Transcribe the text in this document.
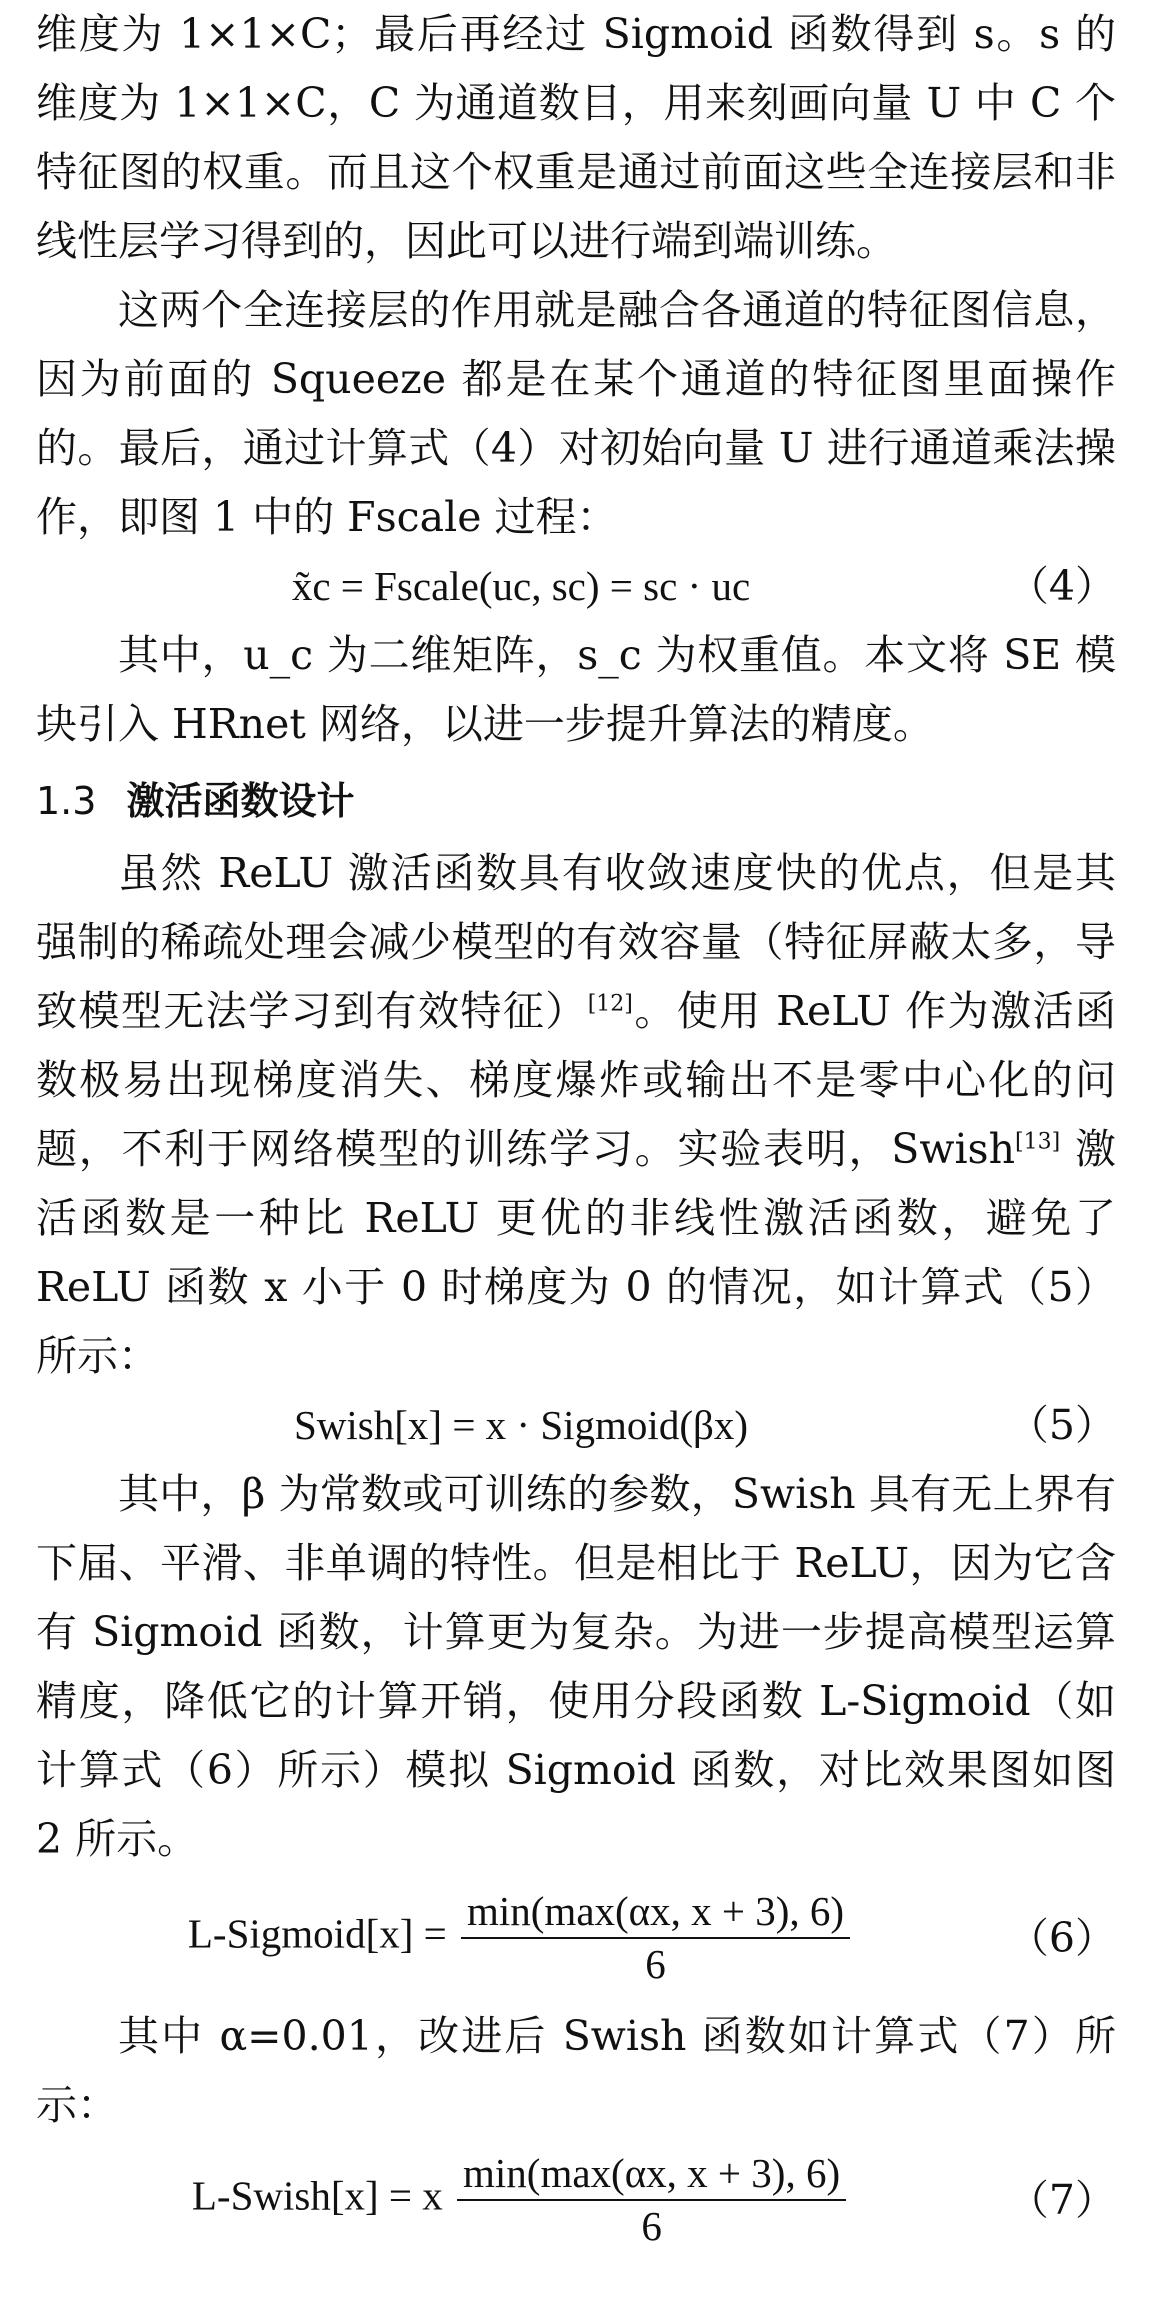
维度为 1×1×C；最后再经过 Sigmoid 函数得到 s。s 的维度为 1×1×C，C 为通道数目，用来刻画向量 U 中 C 个特征图的权重。而且这个权重是通过前面这些全连接层和非线性层学习得到的，因此可以进行端到端训练。

这两个全连接层的作用就是融合各通道的特征图信息，因为前面的 Squeeze 都是在某个通道的特征图里面操作的。最后，通过计算式（4）对初始向量 U 进行通道乘法操作，即图 1 中的 Fscale 过程：

x̃c = Fscale(uc, sc) = sc · uc	（4）

其中，u_c 为二维矩阵，s_c 为权重值。本文将 SE 模块引入 HRnet 网络，以进一步提升算法的精度。

1.3 激活函数设计

虽然 ReLU 激活函数具有收敛速度快的优点，但是其强制的稀疏处理会减少模型的有效容量（特征屏蔽太多，导致模型无法学习到有效特征）[12]。使用 ReLU 作为激活函数极易出现梯度消失、梯度爆炸或输出不是零中心化的问题，不利于网络模型的训练学习。实验表明，Swish[13] 激活函数是一种比 ReLU 更优的非线性激活函数，避免了 ReLU 函数 x 小于 0 时梯度为 0 的情况，如计算式（5）所示：

Swish[x] = x · Sigmoid(βx)	（5）

其中，β 为常数或可训练的参数，Swish 具有无上界有下届、平滑、非单调的特性。但是相比于 ReLU，因为它含有 Sigmoid 函数，计算更为复杂。为进一步提高模型运算精度，降低它的计算开销，使用分段函数 L-Sigmoid（如计算式（6）所示）模拟 Sigmoid 函数，对比效果图如图 2 所示。

L-Sigmoid[x] = $\frac{\min(\max(\alpha x, x + 3), 6)}{6}$	（6）

其中 α=0.01，改进后 Swish 函数如计算式（7）所示：

L-Swish[x] = x $\frac{\min(\max(\alpha x, x + 3), 6)}{6}$	（7）
